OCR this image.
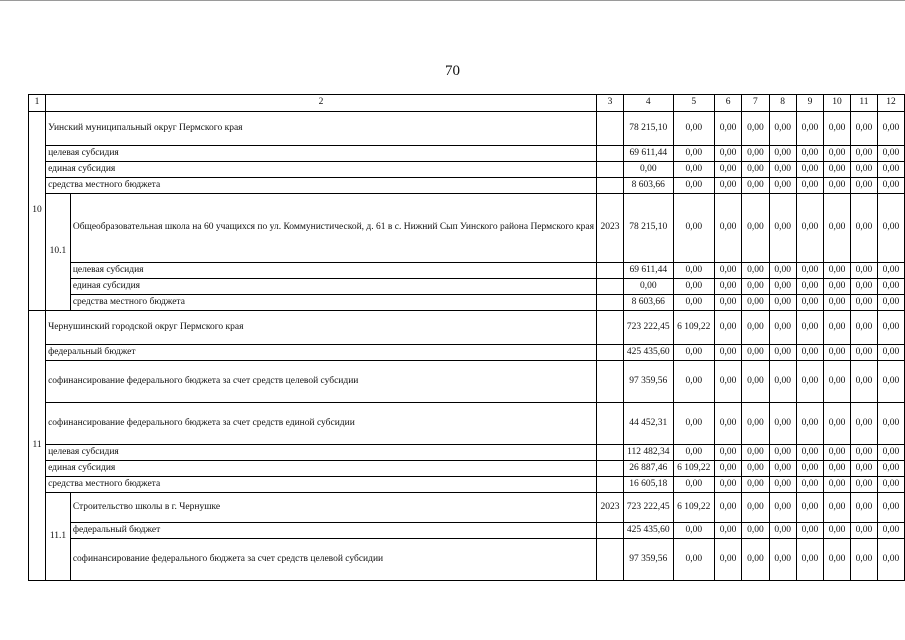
70
1	2		3	4	5	6	7	8	9	10	11	12
10	Уинский муниципальный округ Пермского края			78 215,10	0,00	0,00	0,00	0,00	0,00	0,00	0,00	0,00
	целевая субсидия			69 611,44	0,00	0,00	0,00	0,00	0,00	0,00	0,00	0,00
	единая субсидия			0,00	0,00	0,00	0,00	0,00	0,00	0,00	0,00	0,00
	средства местного бюджета			8 603,66	0,00	0,00	0,00	0,00	0,00	0,00	0,00	0,00
	10.1	Общеобразовательная школа на 60 учащихся по ул. Коммунистической, д. 61 в с. Нижний Сып Уинского района Пермского края	2023	78 215,10	0,00	0,00	0,00	0,00	0,00	0,00	0,00	0,00
		целевая субсидия		69 611,44	0,00	0,00	0,00	0,00	0,00	0,00	0,00	0,00
		единая субсидия		0,00	0,00	0,00	0,00	0,00	0,00	0,00	0,00	0,00
		средства местного бюджета		8 603,66	0,00	0,00	0,00	0,00	0,00	0,00	0,00	0,00
11	Чернушинский городской округ Пермского края			723 222,45	6 109,22	0,00	0,00	0,00	0,00	0,00	0,00	0,00
	федеральный бюджет			425 435,60	0,00	0,00	0,00	0,00	0,00	0,00	0,00	0,00
	софинансирование федерального бюджета за счет средств целевой субсидии			97 359,56	0,00	0,00	0,00	0,00	0,00	0,00	0,00	0,00
	софинансирование федерального бюджета за счет средств единой субсидии			44 452,31	0,00	0,00	0,00	0,00	0,00	0,00	0,00	0,00
	целевая субсидия			112 482,34	0,00	0,00	0,00	0,00	0,00	0,00	0,00	0,00
	единая субсидия			26 887,46	6 109,22	0,00	0,00	0,00	0,00	0,00	0,00	0,00
	средства местного бюджета			16 605,18	0,00	0,00	0,00	0,00	0,00	0,00	0,00	0,00
	11.1	Строительство школы в г. Чернушке	2023	723 222,45	6 109,22	0,00	0,00	0,00	0,00	0,00	0,00	0,00
		федеральный бюджет		425 435,60	0,00	0,00	0,00	0,00	0,00	0,00	0,00	0,00
		софинансирование федерального бюджета за счет средств целевой субсидии		97 359,56	0,00	0,00	0,00	0,00	0,00	0,00	0,00	0,00
